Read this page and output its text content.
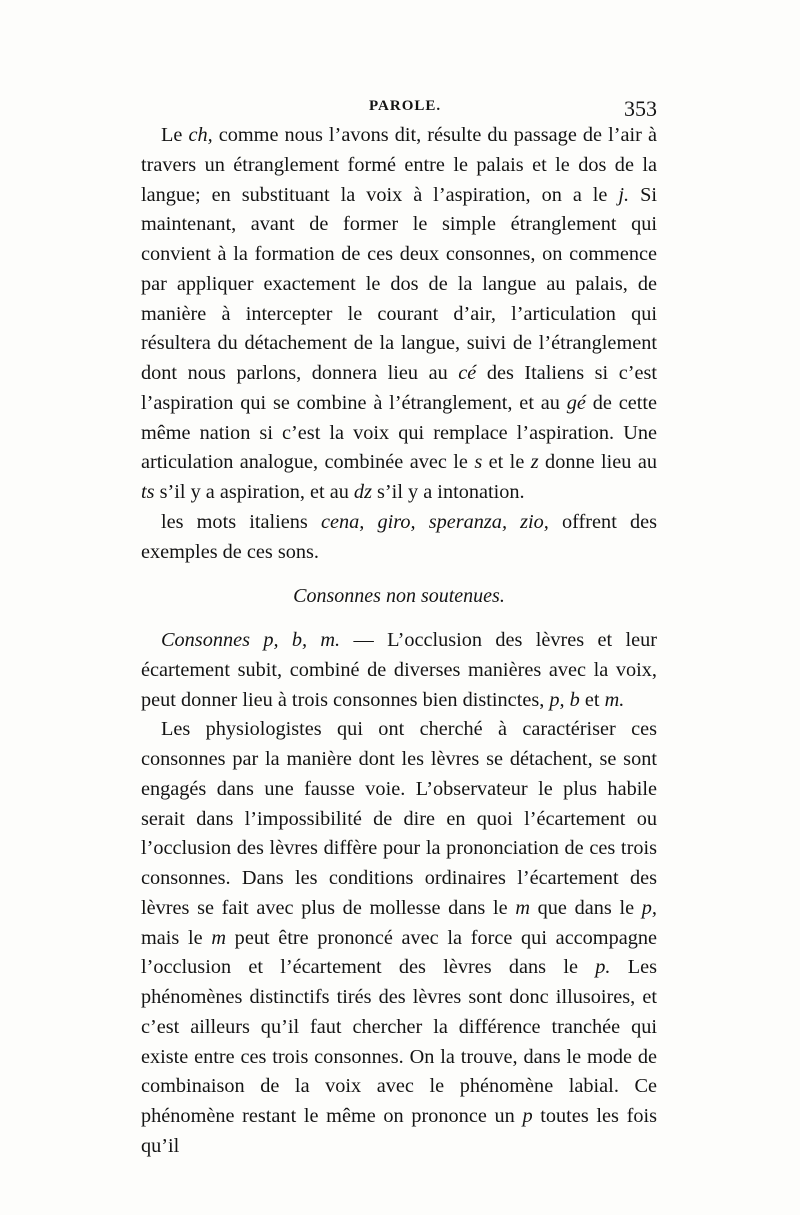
PAROLE.	353

Le ch, comme nous l’avons dit, résulte du passage de l’air à travers un étranglement formé entre le palais et le dos de la langue; en substituant la voix à l’aspiration, on a le j. Si maintenant, avant de former le simple étranglement qui convient à la formation de ces deux consonnes, on commence par appliquer exactement le dos de la langue au palais, de manière à intercepter le courant d’air, l’articulation qui résultera du détachement de la langue, suivi de l’étranglement dont nous parlons, donnera lieu au cé des Italiens si c’est l’aspiration qui se combine à l’étranglement, et au gé de cette même nation si c’est la voix qui remplace l’aspiration. Une articulation analogue, combinée avec le s et le z donne lieu au ts s’il y a aspiration, et au dz s’il y a intonation.

les mots italiens cena, giro, speranza, zio, offrent des exemples de ces sons.

Consonnes non soutenues.

Consonnes p, b, m. — L’occlusion des lèvres et leur écartement subit, combiné de diverses manières avec la voix, peut donner lieu à trois consonnes bien distinctes, p, b et m.

Les physiologistes qui ont cherché à caractériser ces consonnes par la manière dont les lèvres se détachent, se sont engagés dans une fausse voie. L’observateur le plus habile serait dans l’impossibilité de dire en quoi l’écartement ou l’occlusion des lèvres diffère pour la prononciation de ces trois consonnes. Dans les conditions ordinaires l’écartement des lèvres se fait avec plus de mollesse dans le m que dans le p, mais le m peut être prononcé avec la force qui accompagne l’occlusion et l’écartement des lèvres dans le p. Les phénomènes distinctifs tirés des lèvres sont donc illusoires, et c’est ailleurs qu’il faut chercher la différence tranchée qui existe entre ces trois consonnes. On la trouve, dans le mode de combinaison de la voix avec le phénomène labial. Ce phénomène restant le même on prononce un p toutes les fois qu’il
